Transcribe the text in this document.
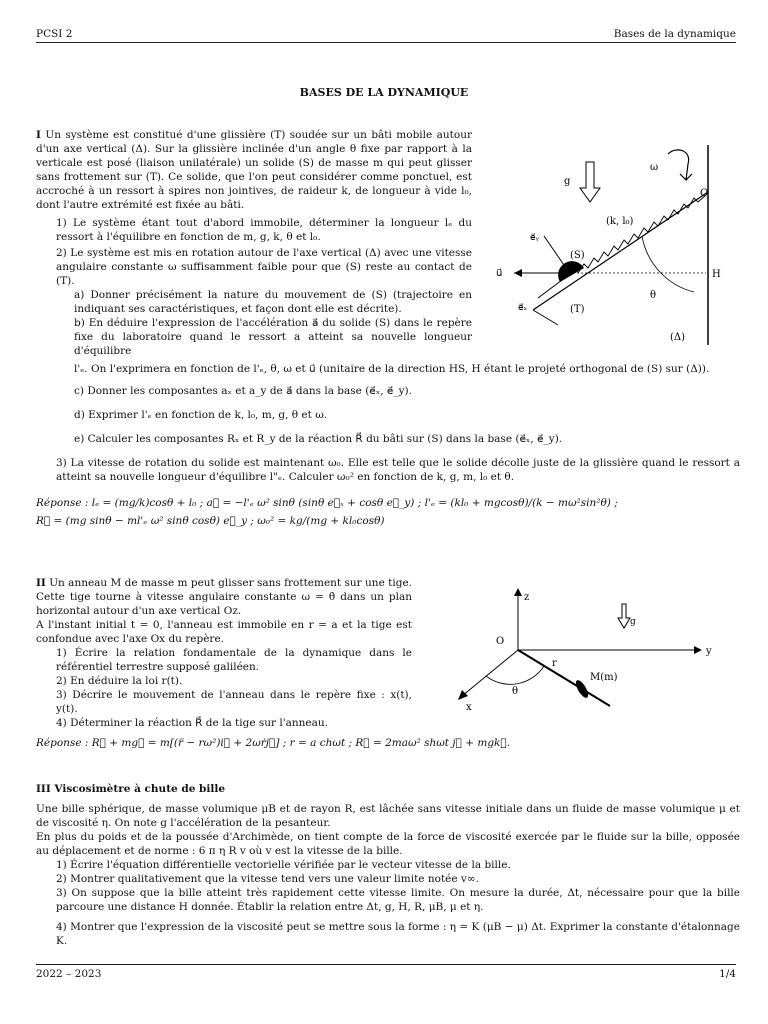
PCSI 2	Bases de la dynamique
BASES DE LA DYNAMIQUE

I Un système est constitué d'une glissière (T) soudée sur un bâti mobile autour d'un axe vertical (Δ). Sur la glissière inclinée d'un angle θ fixe par rapport à la verticale est posé (liaison unilatérale) un solide (S) de masse m qui peut glisser sans frottement sur (T). Ce solide, que l'on peut considérer comme ponctuel, est accroché à un ressort à spires non jointives, de raideur k, de longueur à vide l₀, dont l'autre extrémité est fixée au bâti.

1) Le système étant tout d'abord immobile, déterminer la longueur lₑ du ressort à l'équilibre en fonction de m, g, k, θ et l₀.

2) Le système est mis en rotation autour de l'axe vertical (Δ) avec une vitesse angulaire constante ω suffisamment faible pour que (S) reste au contact de (T).

a) Donner précisément la nature du mouvement de (S) (trajectoire en indiquant ses caractéristiques, et façon dont elle est décrite).

b) En déduire l'expression de l'accélération a⃗ du solide (S) dans le repère fixe du laboratoire quand le ressort a atteint sa nouvelle longueur d'équilibre

g
ω
O
(k, l₀)
e⃗ᵧ
(S)
u⃗	H
e⃗ₓ	(T)
θ
(Δ)

l'ₑ. On l'exprimera en fonction de l'ₑ, θ, ω et u⃗ (unitaire de la direction HS, H étant le projeté orthogonal de (S) sur (Δ)).

c) Donner les composantes aₓ et a_y de a⃗ dans la base (e⃗ₓ, e⃗_y).

d) Exprimer l'ₑ en fonction de k, l₀, m, g, θ et ω.

e) Calculer les composantes Rₓ et R_y de la réaction R⃗ du bâti sur (S) dans la base (e⃗ₓ, e⃗_y).

3) La vitesse de rotation du solide est maintenant ω₀. Elle est telle que le solide décolle juste de la glissière quand le ressort a atteint sa nouvelle longueur d'équilibre l"ₑ. Calculer ω₀² en fonction de k, g, m, l₀ et θ.

Réponse : lₑ = (mg/k)cosθ + l₀ ; a⃗ = −l'ₑ ω² sinθ (sinθ e⃗ₓ + cosθ e⃗_y) ; l'ₑ = (kl₀ + mgcosθ)/(k − mω²sin²θ) ;

R⃗ = (mg sinθ − ml'ₑ ω² sinθ cosθ) e⃗_y ; ω₀² = kg/(mg + kl₀cosθ)

II Un anneau M de masse m peut glisser sans frottement sur une tige. Cette tige tourne à vitesse angulaire constante ω = θ̇ dans un plan horizontal autour d'un axe vertical Oz.

A l'instant initial t = 0, l'anneau est immobile en r = a et la tige est confondue avec l'axe Ox du repère.

1) Écrire la relation fondamentale de la dynamique dans le référentiel terrestre supposé galiléen.

2) En déduire la loi r(t).

3) Décrire le mouvement de l'anneau dans le repère fixe : x(t), y(t).

4) Déterminer la réaction R⃗ de la tige sur l'anneau.

z
g
O
y
x
r
M(m)
θ

Réponse : R⃗ + mg⃗ = m[(r̈ − rω²)i⃗ + 2ωṙj⃗] ; r = a chωt ; R⃗ = 2maω² shωt j⃗ + mgk⃗.

III Viscosimètre à chute de bille

Une bille sphérique, de masse volumique μB et de rayon R, est lâchée sans vitesse initiale dans un fluide de masse volumique μ et de viscosité η. On note g l'accélération de la pesanteur.

En plus du poids et de la poussée d'Archimède, on tient compte de la force de viscosité exercée par le fluide sur la bille, opposée au déplacement et de norme : 6 π η R v où v est la vitesse de la bille.

1) Écrire l'équation différentielle vectorielle vérifiée par le vecteur vitesse de la bille.

2) Montrer qualitativement que la vitesse tend vers une valeur limite notée v∞.

3) On suppose que la bille atteint très rapidement cette vitesse limite. On mesure la durée, Δt, nécessaire pour que la bille parcoure une distance H donnée. Établir la relation entre Δt, g, H, R, μB, μ et η.

4) Montrer que l'expression de la viscosité peut se mettre sous la forme : η = K (μB − μ) Δt. Exprimer la constante d'étalonnage K.

2022 – 2023	1/4
